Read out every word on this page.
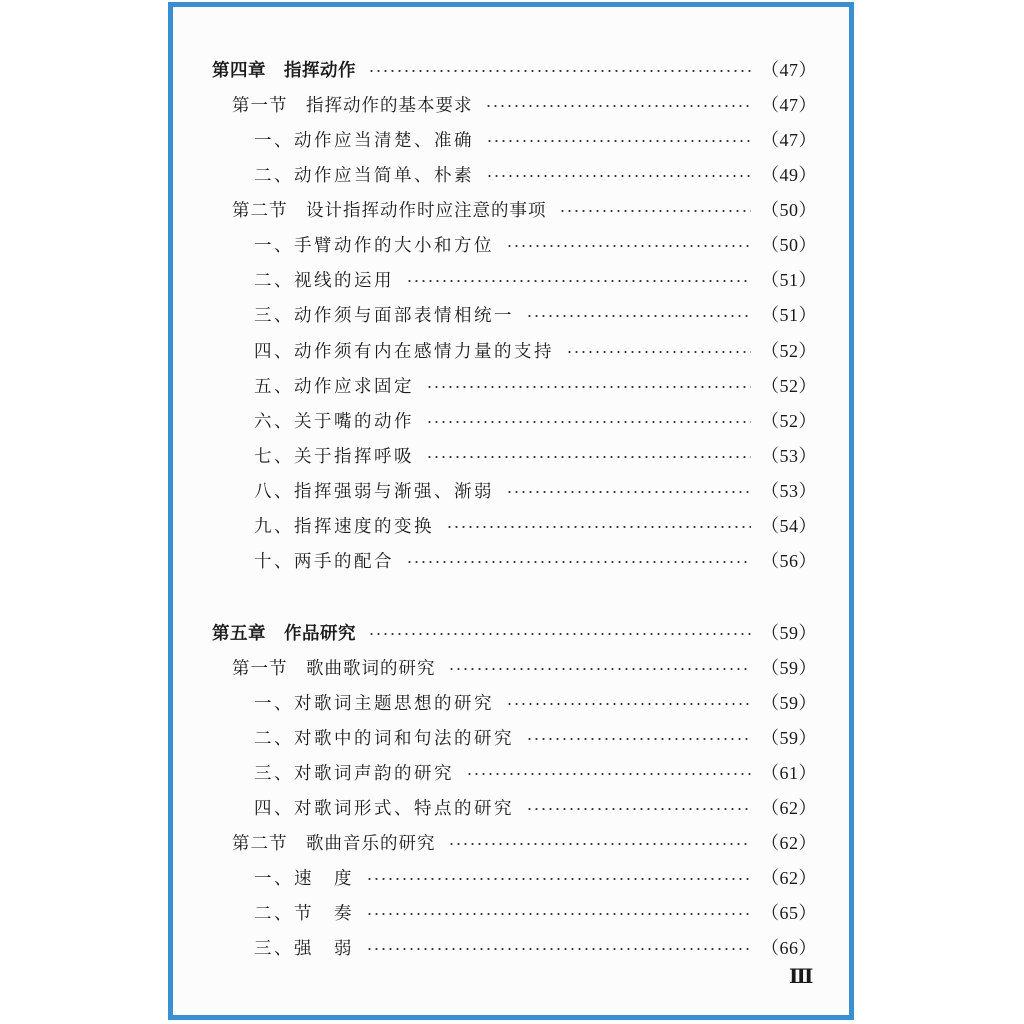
第四章　指挥动作	（47）
第一节　指挥动作的基本要求	（47）
一、动作应当清楚、准确	（47）
二、动作应当简单、朴素	（49）
第二节　设计指挥动作时应注意的事项	（50）
一、手臂动作的大小和方位	（50）
二、视线的运用	（51）
三、动作须与面部表情相统一	（51）
四、动作须有内在感情力量的支持	（52）
五、动作应求固定	（52）
六、关于嘴的动作	（52）
七、关于指挥呼吸	（53）
八、指挥强弱与渐强、渐弱	（53）
九、指挥速度的变换	（54）
十、两手的配合	（56）
第五章　作品研究	（59）
第一节　歌曲歌词的研究	（59）
一、对歌词主题思想的研究	（59）
二、对歌中的词和句法的研究	（59）
三、对歌词声韵的研究	（61）
四、对歌词形式、特点的研究	（62）
第二节　歌曲音乐的研究	（62）
一、速　度	（62）
二、节　奏	（65）
三、强　弱	（66）
Ⅲ
